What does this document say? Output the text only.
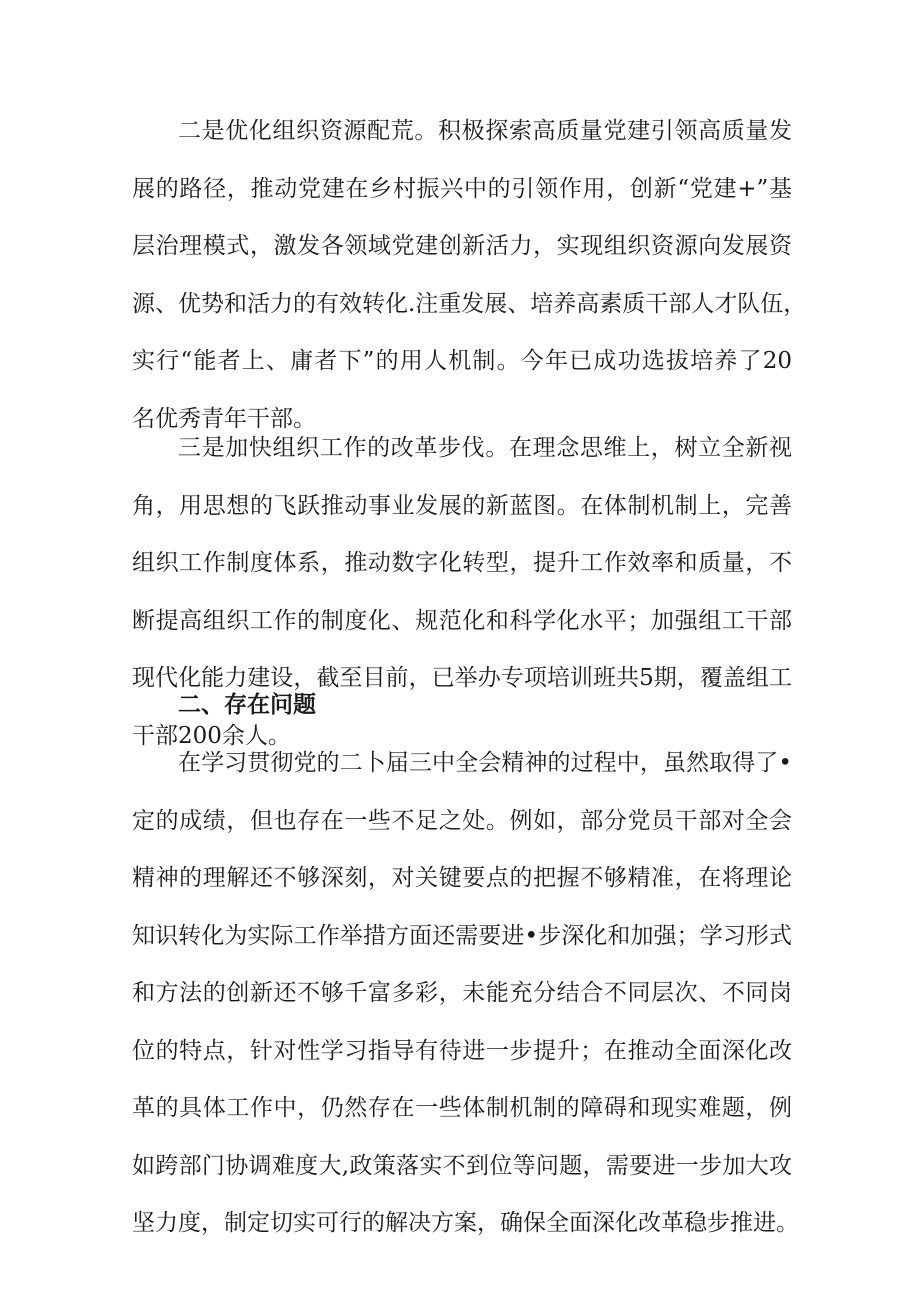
二是优化组织资源配荒。积极探索高质量党建引领高质量发
展的路径，推动党建在乡村振兴中的引领作用，创新“党建+”基
层治理模式，激发各领域党建创新活力，实现组织资源向发展资
源、优势和活力的有效转化.注重发展、培养高素质干部人才队伍，
实行“能者上、庸者下”的用人机制。今年已成功选拔培养了20
名优秀青年干部。
三是加快组织工作的改革步伐。在理念思维上，树立全新视
角，用思想的飞跃推动事业发展的新蓝图。在体制机制上，完善
组织工作制度体系，推动数字化转型，提升工作效率和质量，不
断提高组织工作的制度化、规范化和科学化水平；加强组工干部
现代化能力建设，截至目前，已举办专项培训班共5期，覆盖组工
干部200余人。
二、存在问题
在学习贯彻党的二卜届三中全会精神的过程中，虽然取得了•
定的成绩，但也存在一些不足之处。例如，部分党员干部对全会
精神的理解还不够深刻，对关键要点的把握不够精准，在将理论
知识转化为实际工作举措方面还需要进•步深化和加强；学习形式
和方法的创新还不够千富多彩，未能充分结合不同层次、不同岗
位的特点，针对性学习指导有待进一步提升；在推动全面深化改
革的具体工作中，仍然存在一些体制机制的障碍和现实难题，例
如跨部门协调难度大,政策落实不到位等问题，需要进一步加大攻
坚力度，制定切实可行的解决方案，确保全面深化改革稳步推进。
